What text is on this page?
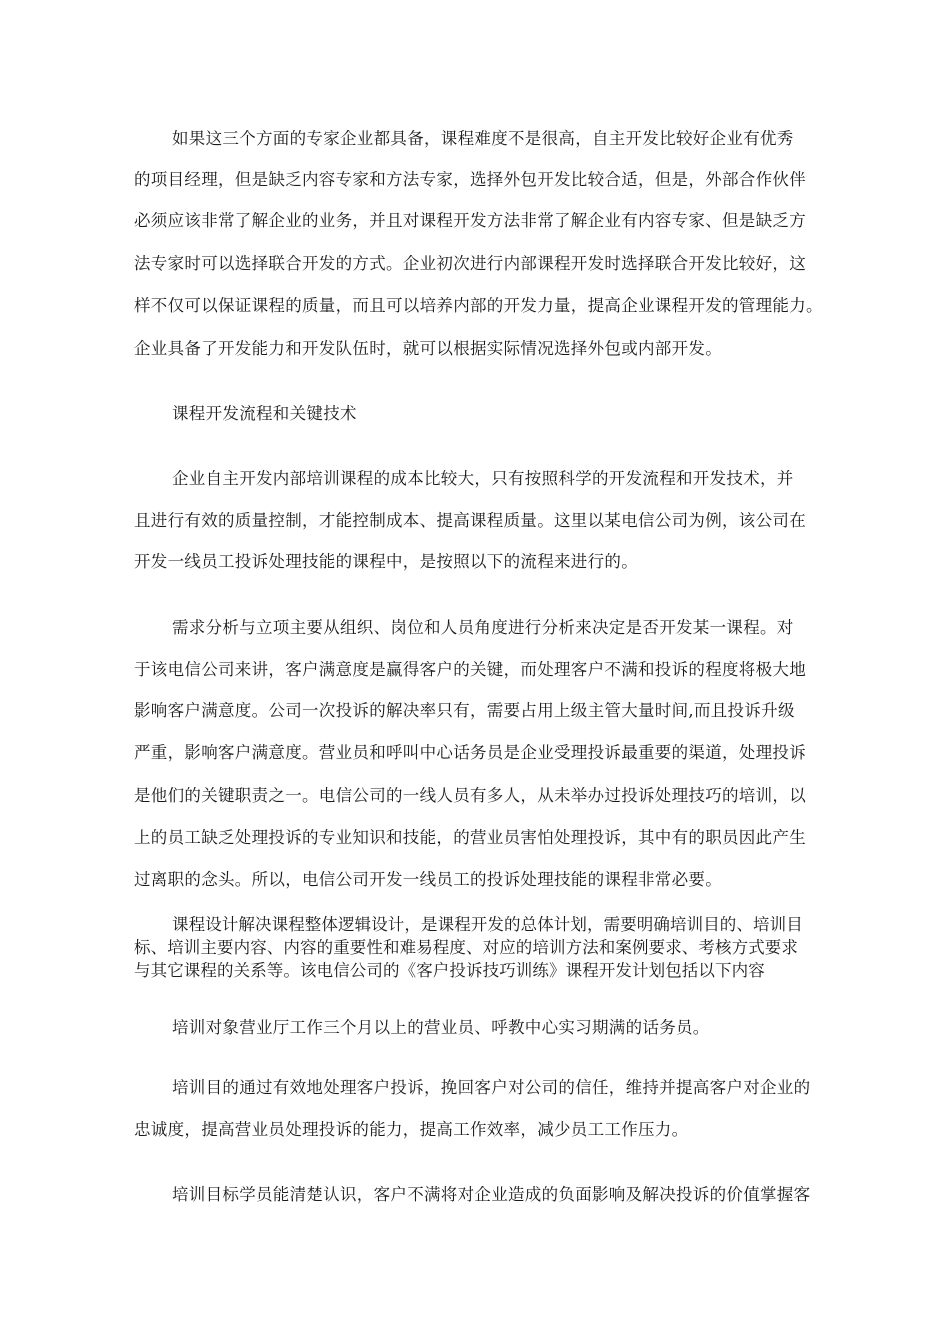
如果这三个方面的专家企业都具备，课程难度不是很高，自主开发比较好企业有优秀

的项目经理，但是缺乏内容专家和方法专家，选择外包开发比较合适，但是，外部合作伙伴

必须应该非常了解企业的业务，并且对课程开发方法非常了解企业有内容专家、但是缺乏方

法专家时可以选择联合开发的方式。企业初次进行内部课程开发时选择联合开发比较好，这

样不仅可以保证课程的质量，而且可以培养内部的开发力量，提高企业课程开发的管理能力。

企业具备了开发能力和开发队伍时，就可以根据实际情况选择外包或内部开发。

课程开发流程和关键技术

企业自主开发内部培训课程的成本比较大，只有按照科学的开发流程和开发技术，并

且进行有效的质量控制，才能控制成本、提高课程质量。这里以某电信公司为例，该公司在

开发一线员工投诉处理技能的课程中，是按照以下的流程来进行的。

需求分析与立项主要从组织、岗位和人员角度进行分析来决定是否开发某一课程。对

于该电信公司来讲，客户满意度是赢得客户的关键，而处理客户不满和投诉的程度将极大地

影响客户满意度。公司一次投诉的解决率只有，需要占用上级主管大量时间,而且投诉升级

严重，影响客户满意度。营业员和呼叫中心话务员是企业受理投诉最重要的渠道，处理投诉

是他们的关键职责之一。电信公司的一线人员有多人，从未举办过投诉处理技巧的培训，以

上的员工缺乏处理投诉的专业知识和技能，的营业员害怕处理投诉，其中有的职员因此产生

过离职的念头。所以，电信公司开发一线员工的投诉处理技能的课程非常必要。

课程设计解决课程整体逻辑设计，是课程开发的总体计划，需要明确培训目的、培训目

标、培训主要内容、内容的重要性和难易程度、对应的培训方法和案例要求、考核方式要求

与其它课程的关系等。该电信公司的《客户投诉技巧训练》课程开发计划包括以下内容

培训对象营业厅工作三个月以上的营业员、呼教中心实习期满的话务员。

培训目的通过有效地处理客户投诉，挽回客户对公司的信任，维持并提高客户对企业的

忠诚度，提高营业员处理投诉的能力，提高工作效率，减少员工工作压力。

培训目标学员能清楚认识，客户不满将对企业造成的负面影响及解决投诉的价值掌握客
